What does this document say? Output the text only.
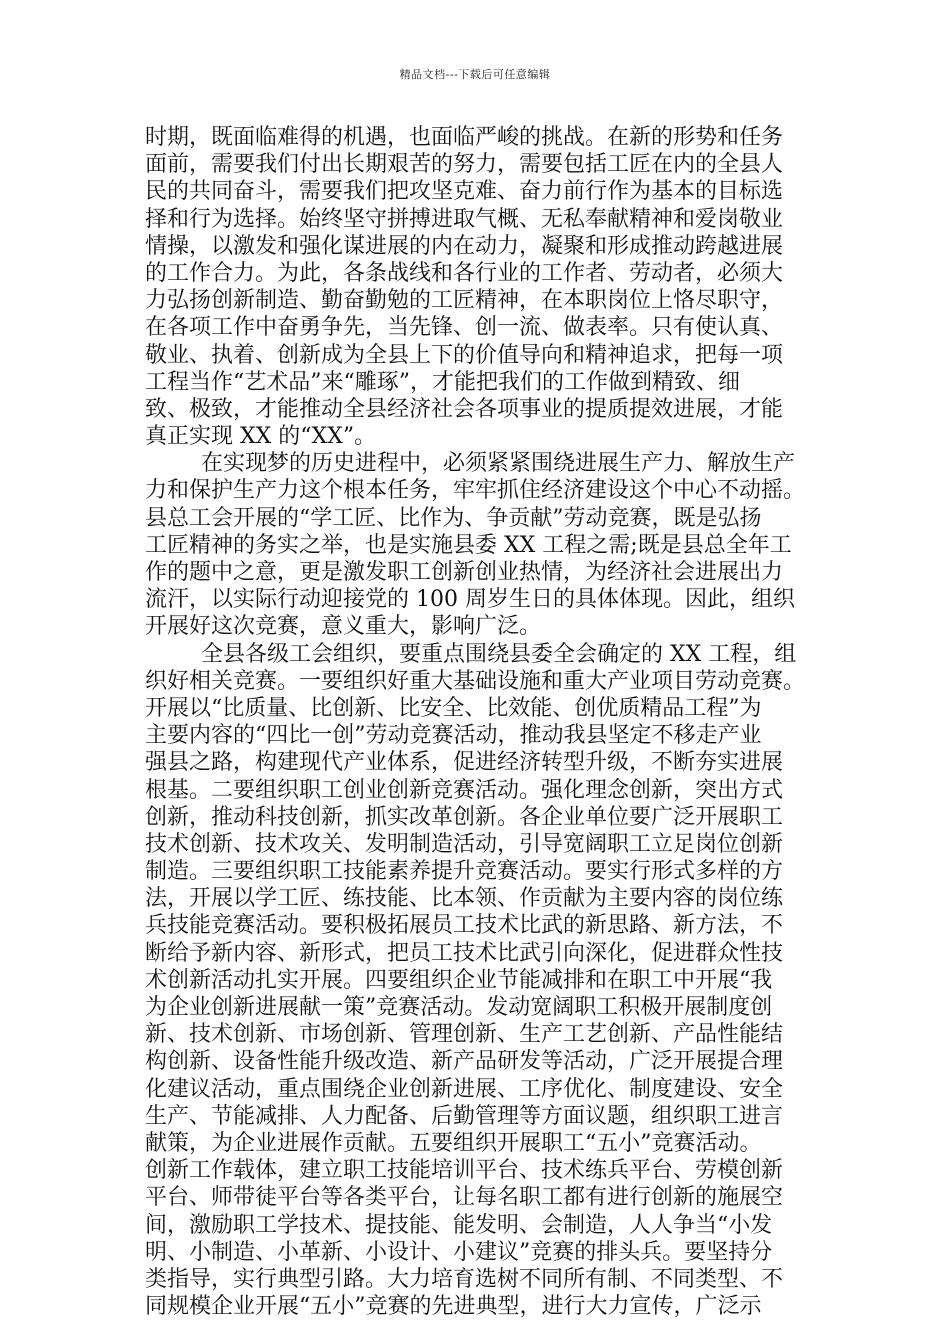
精品文档---下载后可任意编辑
时期，既面临难得的机遇，也面临严峻的挑战。在新的形势和任务
面前，需要我们付出长期艰苦的努力，需要包括工匠在内的全县人
民的共同奋斗，需要我们把攻坚克难、奋力前行作为基本的目标选
择和行为选择。始终坚守拼搏进取气概、无私奉献精神和爱岗敬业
情操，以激发和强化谋进展的内在动力，凝聚和形成推动跨越进展
的工作合力。为此，各条战线和各行业的工作者、劳动者，必须大
力弘扬创新制造、勤奋勤勉的工匠精神，在本职岗位上恪尽职守，
在各项工作中奋勇争先，当先锋、创一流、做表率。只有使认真、
敬业、执着、创新成为全县上下的价值导向和精神追求，把每一项
工程当作“艺术品”来“雕琢”，才能把我们的工作做到精致、细
致、极致，才能推动全县经济社会各项事业的提质提效进展，才能
真正实现 XX 的“XX”。
在实现梦的历史进程中，必须紧紧围绕进展生产力、解放生产
力和保护生产力这个根本任务，牢牢抓住经济建设这个中心不动摇。
县总工会开展的“学工匠、比作为、争贡献”劳动竞赛，既是弘扬
工匠精神的务实之举，也是实施县委 XX 工程之需;既是县总全年工
作的题中之意，更是激发职工创新创业热情，为经济社会进展出力
流汗，以实际行动迎接党的 100 周岁生日的具体体现。因此，组织
开展好这次竞赛，意义重大，影响广泛。
全县各级工会组织，要重点围绕县委全会确定的 XX 工程，组
织好相关竞赛。一要组织好重大基础设施和重大产业项目劳动竞赛。
开展以“比质量、比创新、比安全、比效能、创优质精品工程”为
主要内容的“四比一创”劳动竞赛活动，推动我县坚定不移走产业
强县之路，构建现代产业体系，促进经济转型升级，不断夯实进展
根基。二要组织职工创业创新竞赛活动。强化理念创新，突出方式
创新，推动科技创新，抓实改革创新。各企业单位要广泛开展职工
技术创新、技术攻关、发明制造活动，引导宽阔职工立足岗位创新
制造。三要组织职工技能素养提升竞赛活动。要实行形式多样的方
法，开展以学工匠、练技能、比本领、作贡献为主要内容的岗位练
兵技能竞赛活动。要积极拓展员工技术比武的新思路、新方法，不
断给予新内容、新形式，把员工技术比武引向深化，促进群众性技
术创新活动扎实开展。四要组织企业节能减排和在职工中开展“我
为企业创新进展献一策”竞赛活动。发动宽阔职工积极开展制度创
新、技术创新、市场创新、管理创新、生产工艺创新、产品性能结
构创新、设备性能升级改造、新产品研发等活动，广泛开展提合理
化建议活动，重点围绕企业创新进展、工序优化、制度建设、安全
生产、节能减排、人力配备、后勤管理等方面议题，组织职工进言
献策，为企业进展作贡献。五要组织开展职工“五小”竞赛活动。
创新工作载体，建立职工技能培训平台、技术练兵平台、劳模创新
平台、师带徒平台等各类平台，让每名职工都有进行创新的施展空
间，激励职工学技术、提技能、能发明、会制造，人人争当“小发
明、小制造、小革新、小设计、小建议”竞赛的排头兵。要坚持分
类指导，实行典型引路。大力培育选树不同所有制、不同类型、不
同规模企业开展“五小”竞赛的先进典型，进行大力宣传，广泛示
